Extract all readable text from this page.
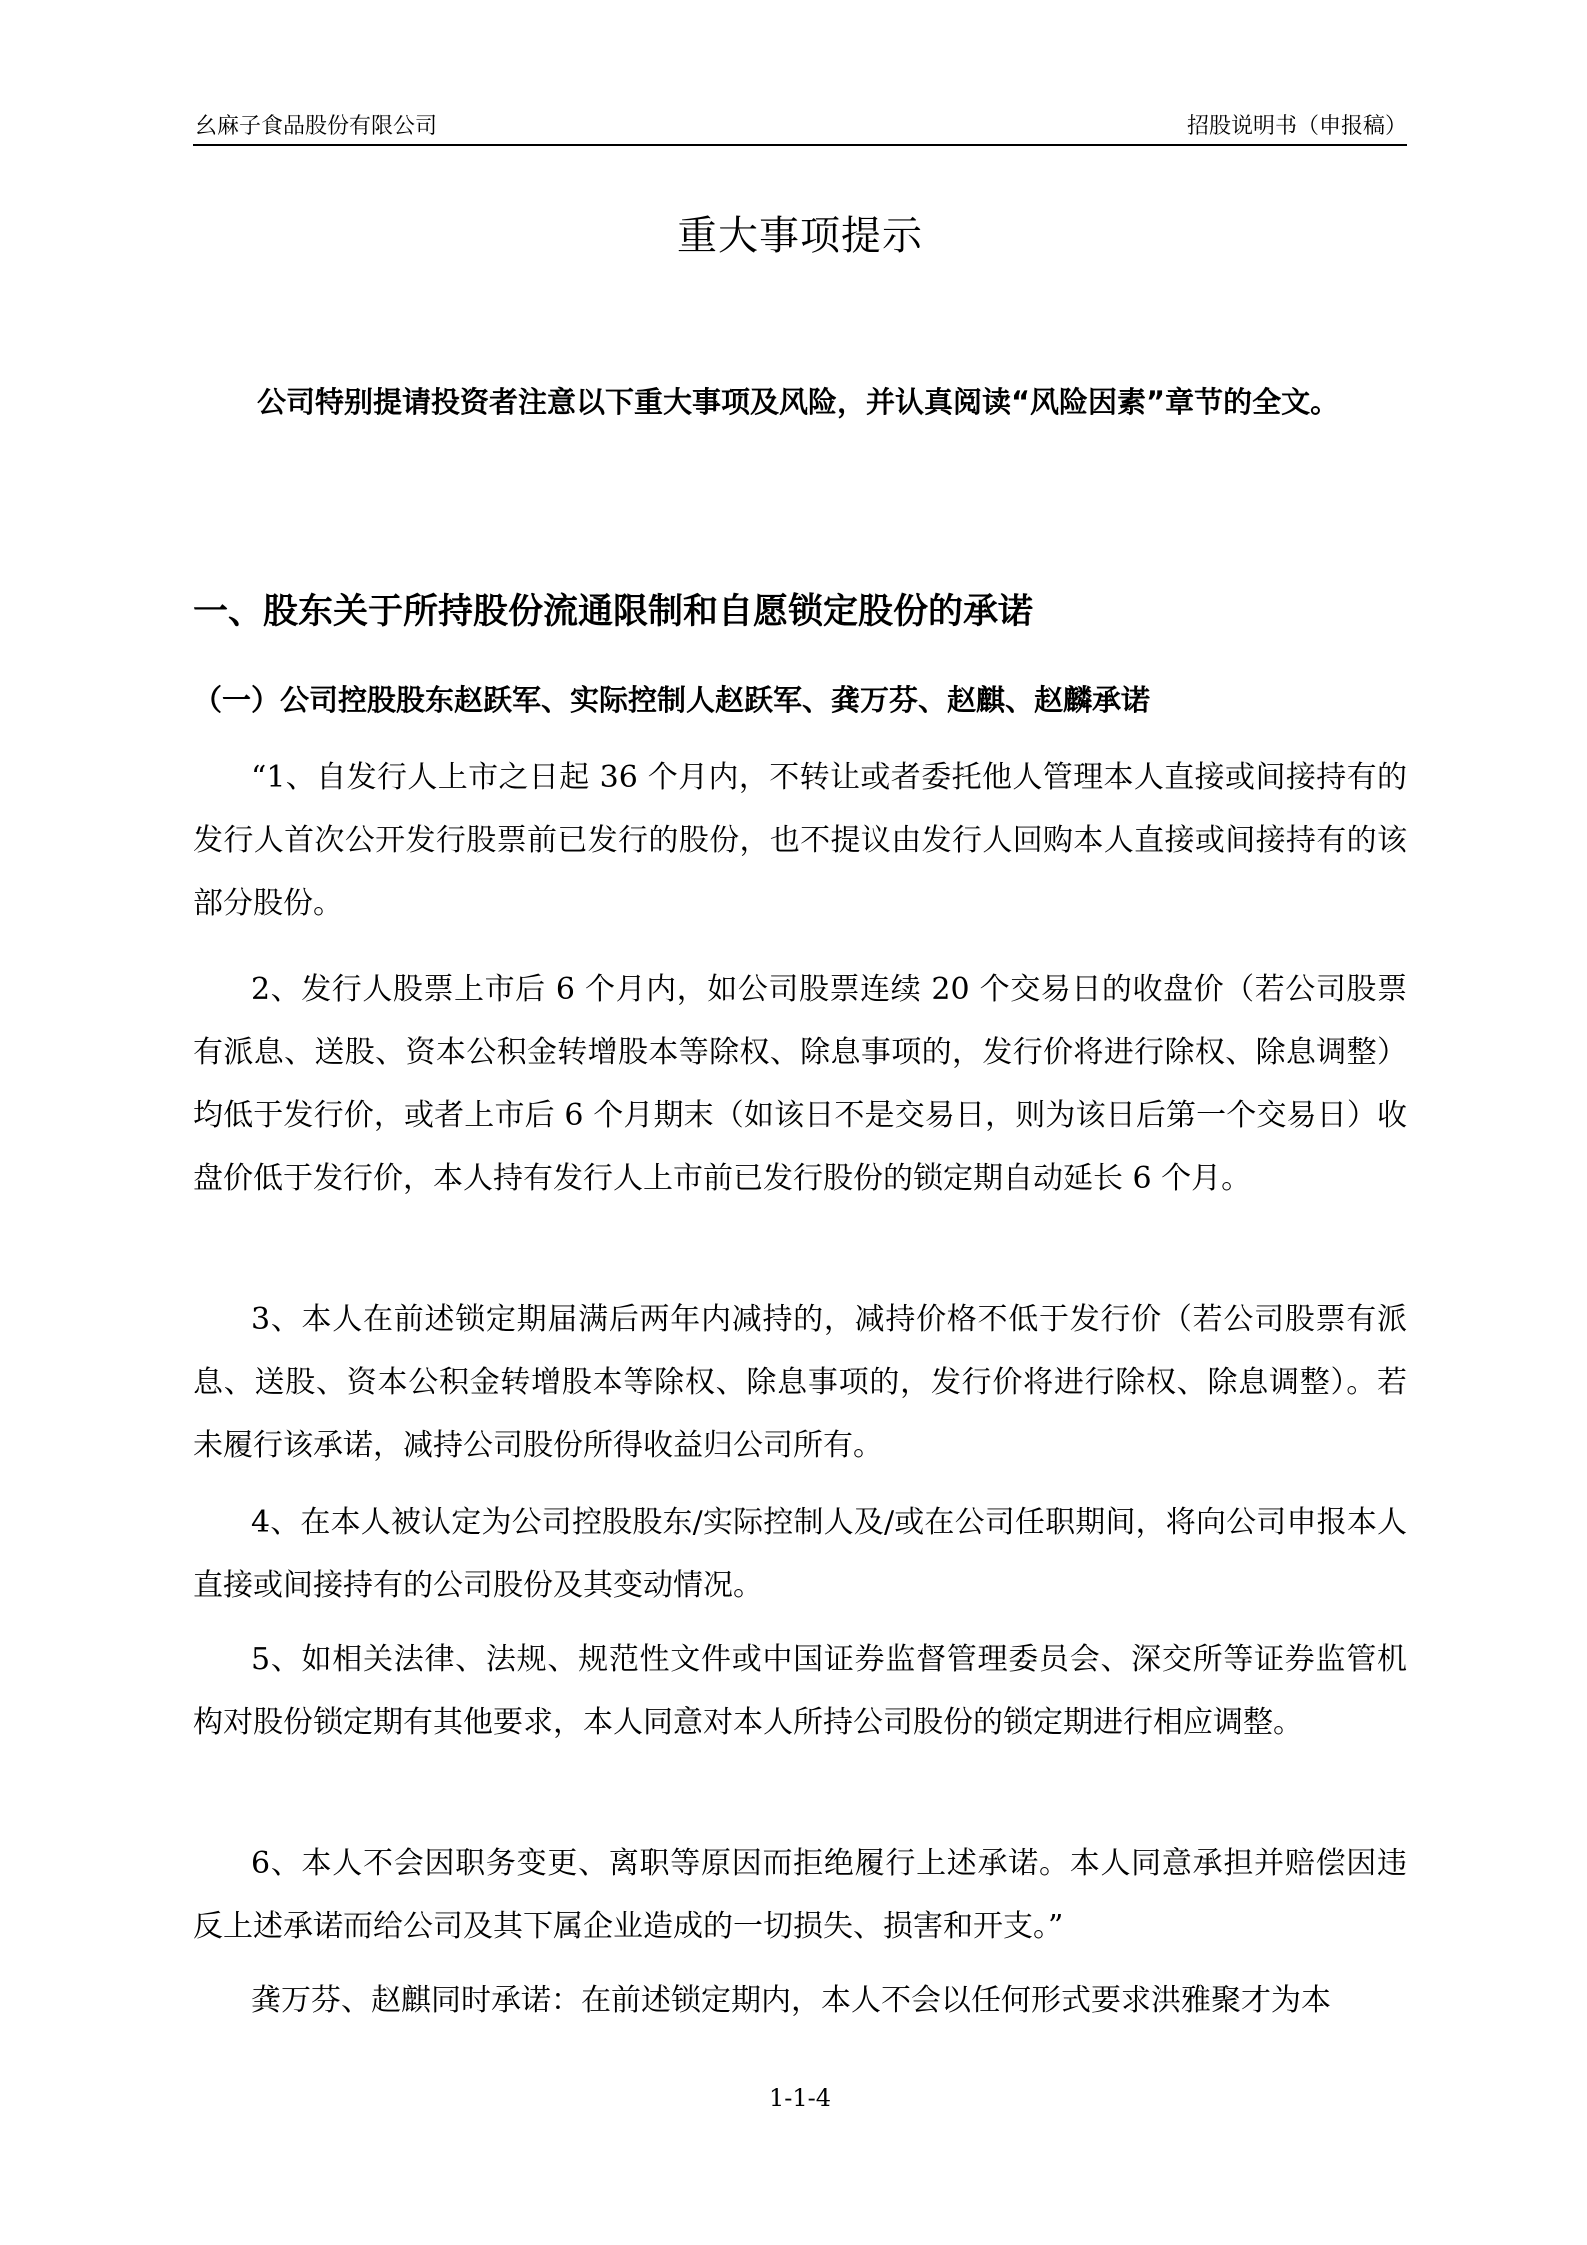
幺麻子食品股份有限公司	招股说明书（申报稿）
重大事项提示

公司特别提请投资者注意以下重大事项及风险，并认真阅读“风险因素”章节的全文。

一、股东关于所持股份流通限制和自愿锁定股份的承诺
（一）公司控股股东赵跃军、实际控制人赵跃军、龚万芬、赵麒、赵麟承诺

“1、自发行人上市之日起 36 个月内，不转让或者委托他人管理本人直接或间接持有的发行人首次公开发行股票前已发行的股份，也不提议由发行人回购本人直接或间接持有的该部分股份。

2、发行人股票上市后 6 个月内，如公司股票连续 20 个交易日的收盘价（若公司股票有派息、送股、资本公积金转增股本等除权、除息事项的，发行价将进行除权、除息调整）均低于发行价，或者上市后 6 个月期末（如该日不是交易日，则为该日后第一个交易日）收盘价低于发行价，本人持有发行人上市前已发行股份的锁定期自动延长 6 个月。

3、本人在前述锁定期届满后两年内减持的，减持价格不低于发行价（若公司股票有派息、送股、资本公积金转增股本等除权、除息事项的，发行价将进行除权、除息调整）。若未履行该承诺，减持公司股份所得收益归公司所有。

4、在本人被认定为公司控股股东/实际控制人及/或在公司任职期间，将向公司申报本人直接或间接持有的公司股份及其变动情况。

5、如相关法律、法规、规范性文件或中国证券监督管理委员会、深交所等证券监管机构对股份锁定期有其他要求，本人同意对本人所持公司股份的锁定期进行相应调整。

6、本人不会因职务变更、离职等原因而拒绝履行上述承诺。本人同意承担并赔偿因违反上述承诺而给公司及其下属企业造成的一切损失、损害和开支。”

龚万芬、赵麒同时承诺：在前述锁定期内，本人不会以任何形式要求洪雅聚才为本

1-1-4
